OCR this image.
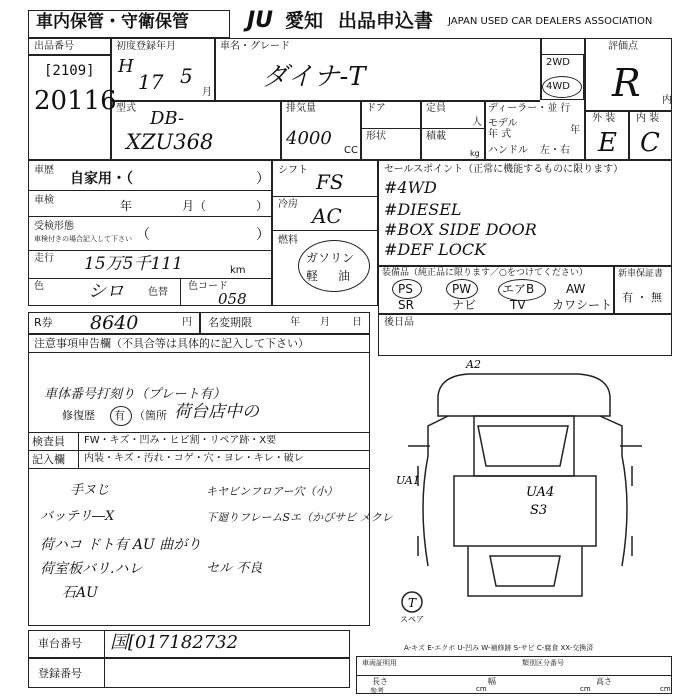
車内保管・守衛保管	JU 愛知 出品申込書 JAPAN USED CAR DEALERS ASSOCIATION
出品番号
[2109]
20116
初度登録年月
H
17 5
月
車名・グレード
ダイナ-T	2WD
4WD
評価点
R 内
外 装 内 装
E C
型式 DB-
XZU368
排気量
4000
CC
ドア
形状
定員
人
積載
kg
ディーラー・並 行
モデル
年 式	年
ハンドル 左・右
車歴
自家用・（	）
車検	年	月（	）
受検形態
車検付きの場合記入して下さい （	）
走行 15万5千111	km
色 シロ 色替
色コード
058
シフト FS
冷房 AC
燃料
ガソリン
軽 油
セールスポイント（正常に機能するものに限ります）
#4WD
#DIESEL
#BOX SIDE DOOR
#DEF LOCK
装備品（純正品に限ります／○をつけてください）
PS	PW	エアB	AW
SR	ナビ	TV カワシート
新車保証書
有 ・ 無
R券 8640	円 名変期限	年 月 日 後日品
注意事項申告欄（不具合等は具体的に記入して下さい）
車体番号打刻り（プレート有）
修復歴 有 （箇所 荷台店中の
検査員
記入欄
FW・キズ・凹み・ヒビ割・リペア跡・X要
内装・キズ・汚れ・コゲ・穴・ヨレ・キレ・破レ
キヤビンフロアー穴（小）
下廻りフレームSエ（かびサビ メクレ
荷ハコ ドト有 AU 曲がり
荷室板バリ.ハレ
石AU
セル 不良
バッテリ―X
手ヌじ
A2
UA1
UA4
S3
T
スペア
A-キズ E-エクボ U-凹み W-補修跡 S-サビ C-腐食 XX-交換済
車台番号 国[017182732
登録番号
車両証明用	類別区分番号
長さ	幅	高さ
cm	cm	cm
参考
